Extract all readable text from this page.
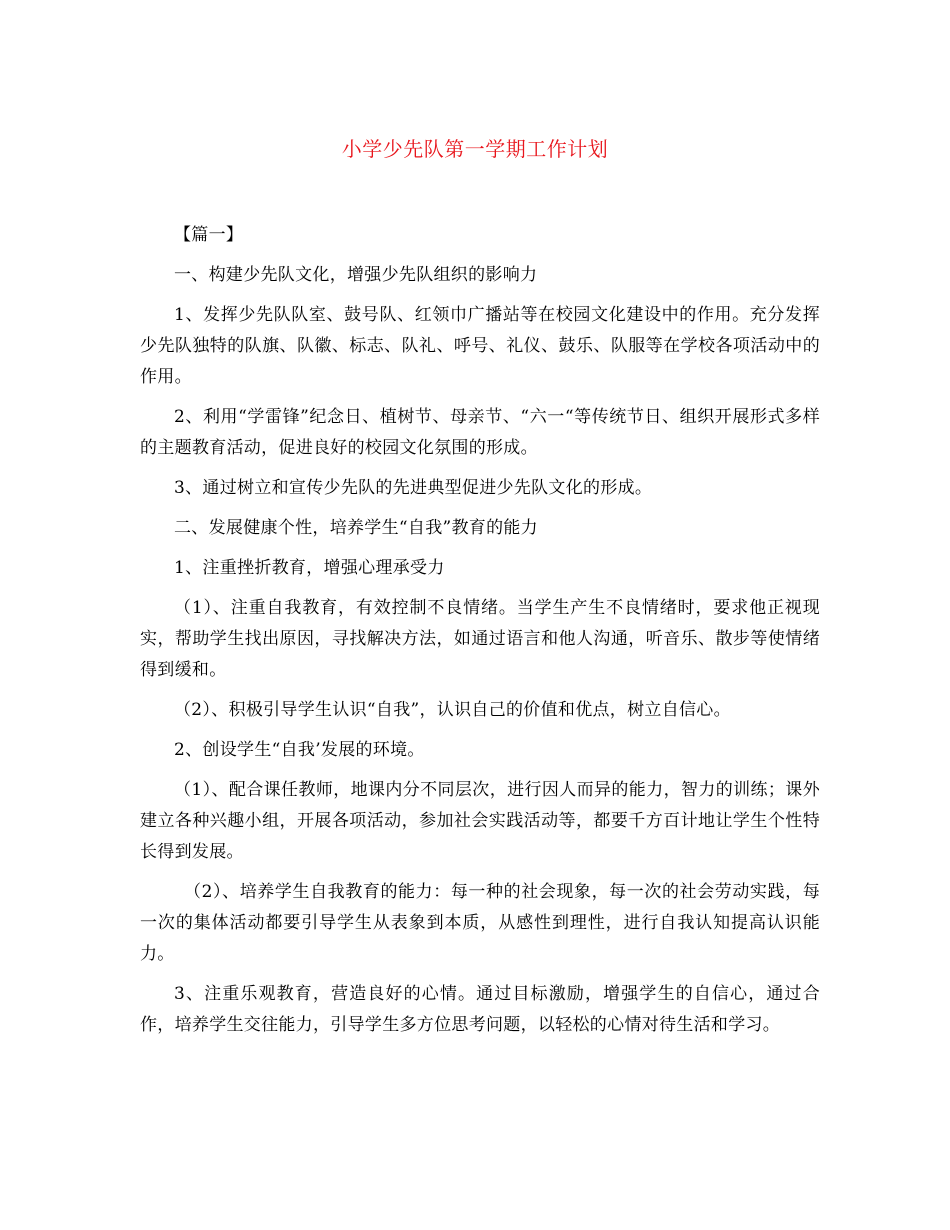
小学少先队第一学期工作计划

【篇一】

一、构建少先队文化，增强少先队组织的影响力

1、发挥少先队队室、鼓号队、红领巾广播站等在校园文化建设中的作用。充分发挥少先队独特的队旗、队徽、标志、队礼、呼号、礼仪、鼓乐、队服等在学校各项活动中的作用。

2、利用“学雷锋”纪念日、植树节、母亲节、“六一“等传统节日、组织开展形式多样的主题教育活动，促进良好的校园文化氛围的形成。

3、通过树立和宣传少先队的先进典型促进少先队文化的形成。

二、发展健康个性，培养学生“自我”教育的能力

1、注重挫折教育，增强心理承受力

（1）、注重自我教育，有效控制不良情绪。当学生产生不良情绪时，要求他正视现实，帮助学生找出原因，寻找解决方法，如通过语言和他人沟通，听音乐、散步等使情绪得到缓和。

（2）、积极引导学生认识“自我”，认识自己的价值和优点，树立自信心。

2、创设学生“自我’发展的环境。

（1）、配合课任教师，地课内分不同层次，进行因人而异的能力，智力的训练；课外建立各种兴趣小组，开展各项活动，参加社会实践活动等，都要千方百计地让学生个性特长得到发展。

（2）、培养学生自我教育的能力：每一种的社会现象，每一次的社会劳动实践，每一次的集体活动都要引导学生从表象到本质，从感性到理性，进行自我认知提高认识能力。

3、注重乐观教育，营造良好的心情。通过目标激励，增强学生的自信心，通过合作，培养学生交往能力，引导学生多方位思考问题，以轻松的心情对待生活和学习。
